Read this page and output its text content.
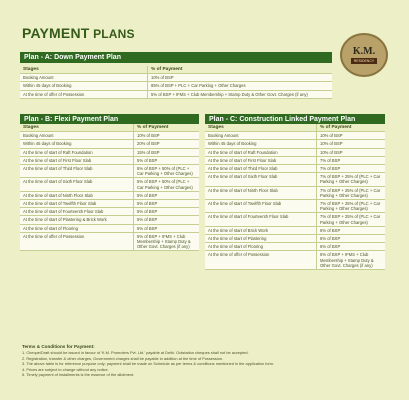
PAYMENT PLANS
K.M.
RESIDENCY
Plan - A: Down Payment Plan
Stages	% of Payment
Booking Amount	10% of BSP
Within 45 days of Booking	85% of BSP + PLC + Car Parking + Other Charges
At the time of offer of Possession	5% of BSP + IFMS + Club Membership + Stamp Duty & Other Govt. Charges (if any)
Plan - B: Flexi Payment Plan
Stages	% of Payment
Booking Amount	10% of BSP
Within 45 days of Booking	20% of BSP
At the time of start of Raft Foundation	15% of BSP
At the time of start of First Floor Slab	5% of BSP
At the time of start of Third Floor Slab	5% of BSP + 50% of (PLC + Car Parking + Other Charges)
At the time of start of Sixth Floor Slab	5% of BSP + 50% of (PLC + Car Parking + Other Charges)
At the time of start of Ninth Floor Slab	5% of BSP
At the time of start of Twelfth Floor Slab	5% of BSP
At the time of start of Fourteenth Floor Slab	5% of BSP
At the time of start of Plastering & Brick Work	5% of BSP
At the time of start of Flooring	5% of BSP
At the time of offer of Possession	5% of BSP + IFMS + Club Membership + Stamp Duty & Other Govt. Charges (if any)
Plan - C: Construction Linked Payment Plan
Stages	% of Payment
Booking Amount	10% of BSP
Within 45 days of Booking	10% of BSP
At the time of start of Raft Foundation	10% of BSP
At the time of start of First Floor Slab	7% of BSP
At the time of start of Third Floor Slab	7% of BSP
At the time of start of Sixth Floor Slab	7% of BSP + 25% of (PLC + Car Parking + Other Charges)
At the time of start of Ninth Floor Slab	7% of BSP + 25% of (PLC + Car Parking + Other Charges)
At the time of start of Twelfth Floor Slab	7% of BSP + 25% of (PLC + Car Parking + Other Charges)
At the time of start of Fourteenth Floor Slab	7% of BSP + 25% of (PLC + Car Parking + Other Charges)
At the time of start of Brick Work	6% of BSP
At the time of start of Plastering	6% of BSP
At the time of start of Flooring	6% of BSP
At the time of offer of Possession	5% of BSP + IFMS + Club Membership + Stamp Duty & Other Govt. Charges (if any)
Terms & Conditions for Payment:
1. Cheque/Draft should be issued in favour of 'K.M. Promoters Pvt. Ltd.' payable at Delhi. Outstation cheques shall not be accepted.
2. Registration, transfer & other charges, Government charges shall be payable in addition at the time of Possession.
3. The above table is for reference purpose only; payment shall be made on Schedule as per terms & conditions mentioned in the application form.
4. Prices are subject to change without any notice.
5. Timely payment of installments is the essence of the allotment.
